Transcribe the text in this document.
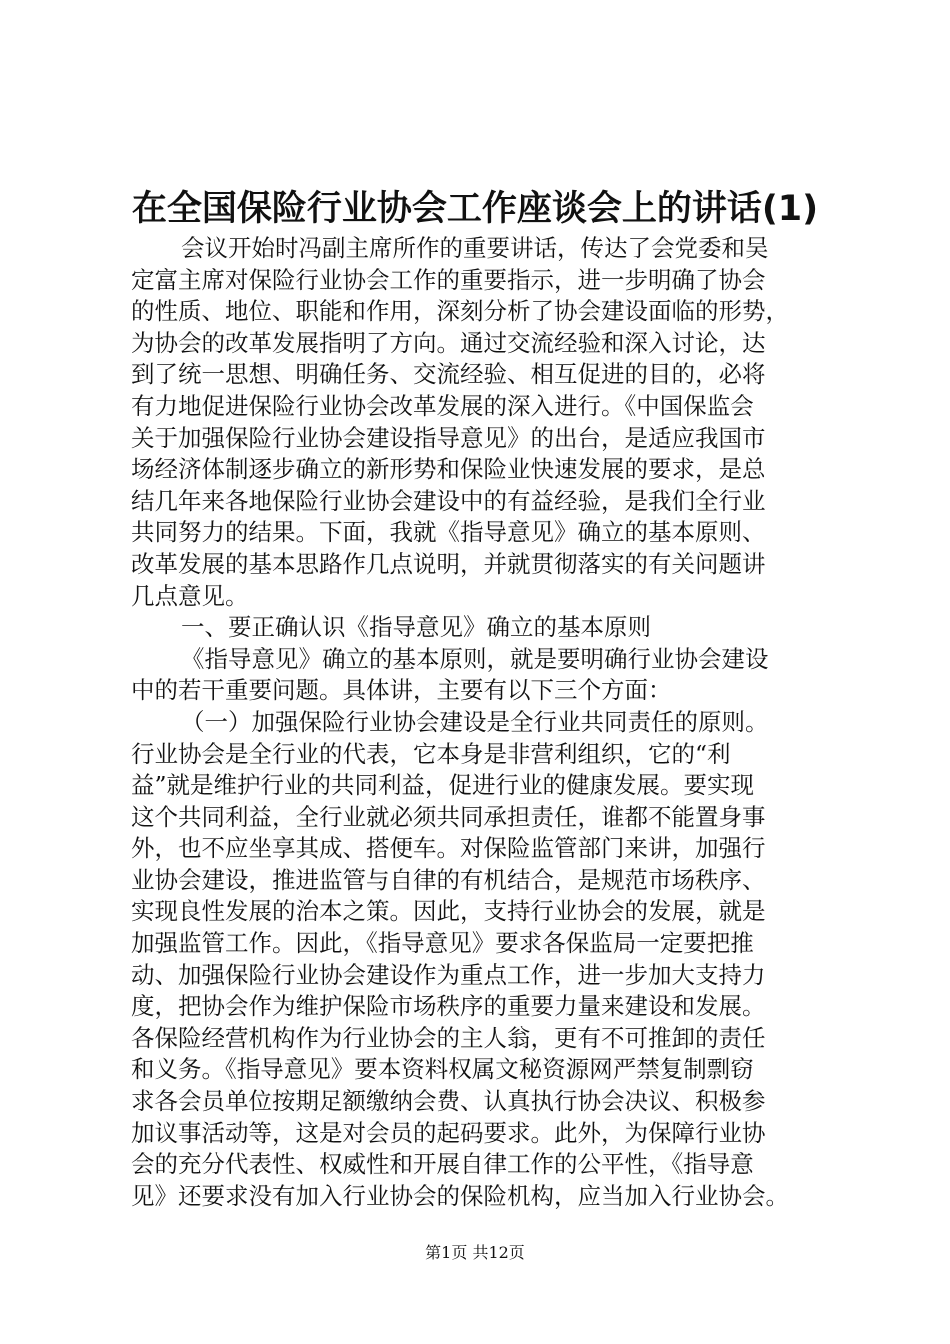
在全国保险行业协会工作座谈会上的讲话(1)
会议开始时冯副主席所作的重要讲话，传达了会党委和吴
定富主席对保险行业协会工作的重要指示，进一步明确了协会
的性质、地位、职能和作用，深刻分析了协会建设面临的形势，
为协会的改革发展指明了方向。通过交流经验和深入讨论，达
到了统一思想、明确任务、交流经验、相互促进的目的，必将
有力地促进保险行业协会改革发展的深入进行。《中国保监会
关于加强保险行业协会建设指导意见》的出台，是适应我国市
场经济体制逐步确立的新形势和保险业快速发展的要求，是总
结几年来各地保险行业协会建设中的有益经验，是我们全行业
共同努力的结果。下面，我就《指导意见》确立的基本原则、
改革发展的基本思路作几点说明，并就贯彻落实的有关问题讲
几点意见。
一、要正确认识《指导意见》确立的基本原则
《指导意见》确立的基本原则，就是要明确行业协会建设
中的若干重要问题。具体讲，主要有以下三个方面：
（一）加强保险行业协会建设是全行业共同责任的原则。
行业协会是全行业的代表，它本身是非营利组织，它的“利
益”就是维护行业的共同利益，促进行业的健康发展。要实现
这个共同利益，全行业就必须共同承担责任，谁都不能置身事
外，也不应坐享其成、搭便车。对保险监管部门来讲，加强行
业协会建设，推进监管与自律的有机结合，是规范市场秩序、
实现良性发展的治本之策。因此，支持行业协会的发展，就是
加强监管工作。因此，《指导意见》要求各保监局一定要把推
动、加强保险行业协会建设作为重点工作，进一步加大支持力
度，把协会作为维护保险市场秩序的重要力量来建设和发展。
各保险经营机构作为行业协会的主人翁，更有不可推卸的责任
和义务。《指导意见》要本资料权属文秘资源网严禁复制剽窃
求各会员单位按期足额缴纳会费、认真执行协会决议、积极参
加议事活动等，这是对会员的起码要求。此外，为保障行业协
会的充分代表性、权威性和开展自律工作的公平性，《指导意
见》还要求没有加入行业协会的保险机构，应当加入行业协会。
第1页 共12页
